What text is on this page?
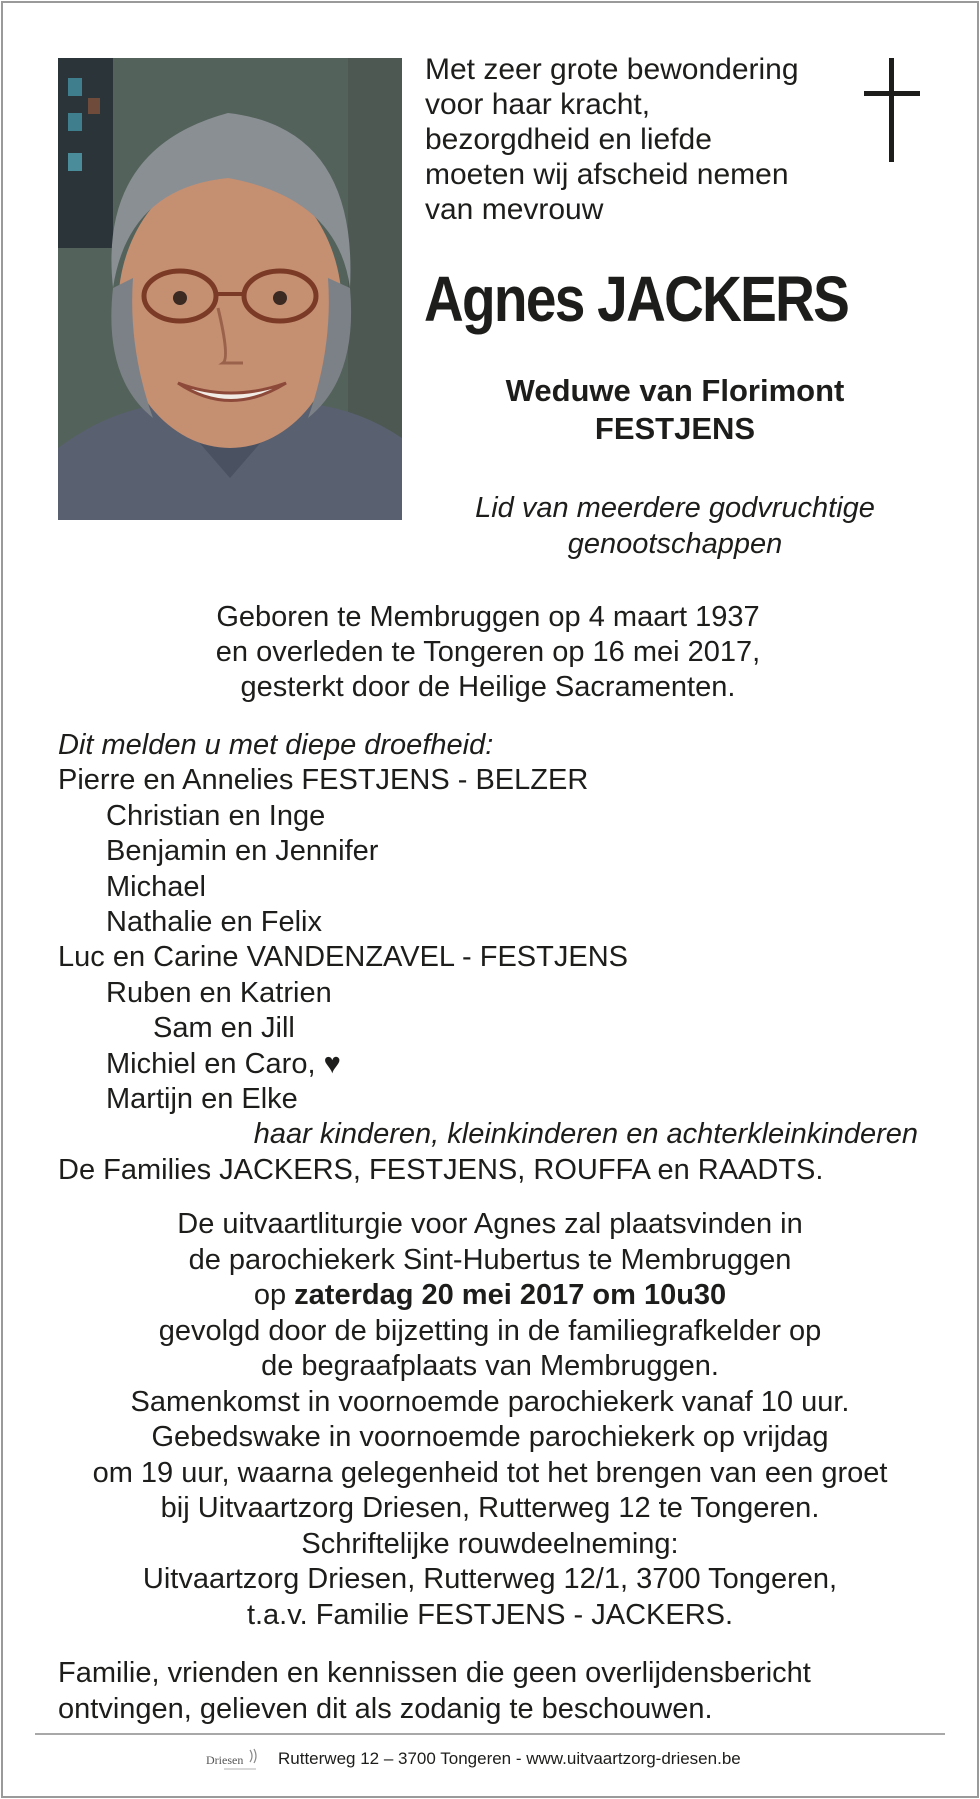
Met zeer grote bewondering
voor haar kracht,
bezorgdheid en liefde
moeten wij afscheid nemen
van mevrouw
Agnes JACKERS
Weduwe van Florimont
FESTJENS
Lid van meerdere godvruchtige
genootschappen
Geboren te Membruggen op 4 maart 1937
en overleden te Tongeren op 16 mei 2017,
gesterkt door de Heilige Sacramenten.
Dit melden u met diepe droefheid:
Pierre en Annelies FESTJENS - BELZER
Christian en Inge
Benjamin en Jennifer
Michael
Nathalie en Felix
Luc en Carine VANDENZAVEL - FESTJENS
Ruben en Katrien
Sam en Jill
Michiel en Caro, ♥
Martijn en Elke
haar kinderen, kleinkinderen en achterkleinkinderen
De Families JACKERS, FESTJENS, ROUFFA en RAADTS.
De uitvaartliturgie voor Agnes zal plaatsvinden in
de parochiekerk Sint-Hubertus te Membruggen
op zaterdag 20 mei 2017 om 10u30
gevolgd door de bijzetting in de familiegrafkelder op
de begraafplaats van Membruggen.
Samenkomst in voornoemde parochiekerk vanaf 10 uur.
Gebedswake in voornoemde parochiekerk op vrijdag
om 19 uur, waarna gelegenheid tot het brengen van een groet
bij Uitvaartzorg Driesen, Rutterweg 12 te Tongeren.
Schriftelijke rouwdeelneming:
Uitvaartzorg Driesen, Rutterweg 12/1, 3700 Tongeren,
t.a.v. Familie FESTJENS - JACKERS.
Familie, vrienden en kennissen die geen overlijdensbericht
ontvingen, gelieven dit als zodanig te beschouwen.
Driesen Rutterweg 12 – 3700 Tongeren - www.uitvaartzorg-driesen.be
